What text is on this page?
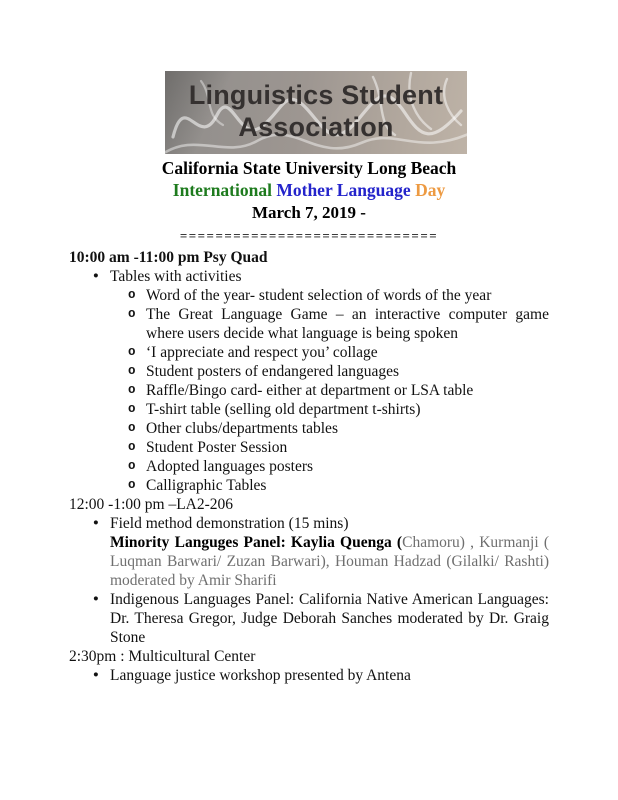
Linguistics Student
Association
California State University Long Beach
International Mother Language Day
March 7, 2019 -
=============================
10:00 am -11:00 pm Psy Quad
●
Tables with activities
o
Word of the year- student selection of words of the year
o
The Great Language Game – an interactive computer game where users decide what language is being spoken
o
‘I appreciate and respect you’ collage
o
Student posters of endangered languages
o
Raffle/Bingo card- either at department or LSA table
o
T-shirt table (selling old department t-shirts)
o
Other clubs/departments tables
o
Student Poster Session
o
Adopted languages posters
o
Calligraphic Tables
12:00 -1:00 pm –LA2-206
●
Field method demonstration (15 mins)
Minority Languges Panel: Kaylia Quenga (Chamoru) , Kurmanji ( Luqman Barwari/ Zuzan Barwari), Houman Hadzad (Gilalki/ Rashti) moderated by Amir Sharifi
●
Indigenous Languages Panel: California Native American Languages: Dr. Theresa Gregor, Judge Deborah Sanches moderated by Dr. Graig Stone
2:30pm : Multicultural Center
●
Language justice workshop presented by Antena
